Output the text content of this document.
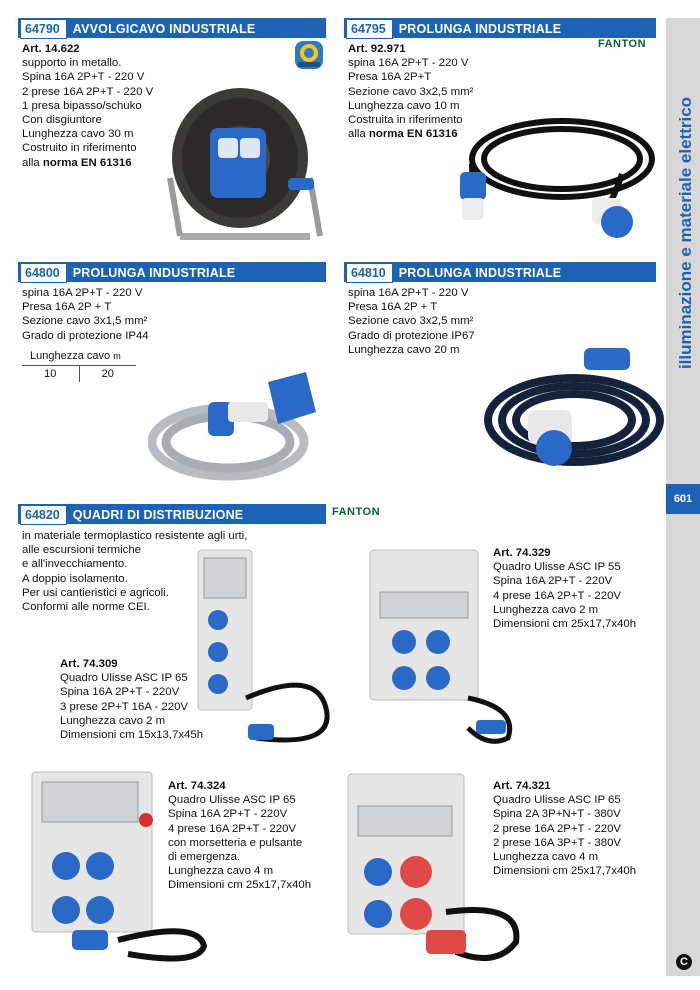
illuminazione e materiale elettrico
601
C
64790 AVVOLGICAVO INDUSTRIALE
Art. 14.622
supporto in metallo.
Spina 16A 2P+T - 220 V
2 prese 16A 2P+T - 220 V
1 presa bipasso/schuko
Con disgiuntore
Lunghezza cavo 30 m
Costruito in riferimento
alla norma EN 61316
64795 PROLUNGA INDUSTRIALE
FANTON
Art. 92.971
spina 16A 2P+T - 220 V
Presa 16A 2P+T
Sezione cavo 3x2,5 mm²
Lunghezza cavo 10 m
Costruita in riferimento
alla norma EN 61316
64800 PROLUNGA INDUSTRIALE
spina 16A 2P+T - 220 V
Presa 16A 2P + T
Sezione cavo 3x1,5 mm²
Grado di protezione IP44
Lunghezza cavo m
10	20
64810 PROLUNGA INDUSTRIALE
spina 16A 2P+T - 220 V
Presa 16A 2P + T
Sezione cavo 3x2,5 mm²
Grado di protezione IP67
Lunghezza cavo 20 m
64820 QUADRI DI DISTRIBUZIONE	FANTON
in materiale termoplastico resistente agli urti,
alle escursioni termiche
e all'invecchiamento.
A doppio isolamento.
Per usi cantieristici e agricoli.
Conformi alle norme CEI.
Art. 74.309
Quadro Ulisse ASC IP 65
Spina 16A 2P+T - 220V
3 prese 2P+T 16A - 220V
Lunghezza cavo 2 m
Dimensioni cm 15x13,7x45h
Art. 74.329
Quadro Ulisse ASC IP 55
Spina 16A 2P+T - 220V
4 prese 16A 2P+T - 220V
Lunghezza cavo 2 m
Dimensioni cm 25x17,7x40h
Art. 74.324
Quadro Ulisse ASC IP 65
Spina 16A 2P+T - 220V
4 prese 16A 2P+T - 220V
con morsetteria e pulsante
di emergenza.
Lunghezza cavo 4 m
Dimensioni cm 25x17,7x40h
Art. 74.321
Quadro Ulisse ASC IP 65
Spina 2A 3P+N+T - 380V
2 prese 16A 2P+T - 220V
2 prese 16A 3P+T - 380V
Lunghezza cavo 4 m
Dimensioni cm 25x17,7x40h
